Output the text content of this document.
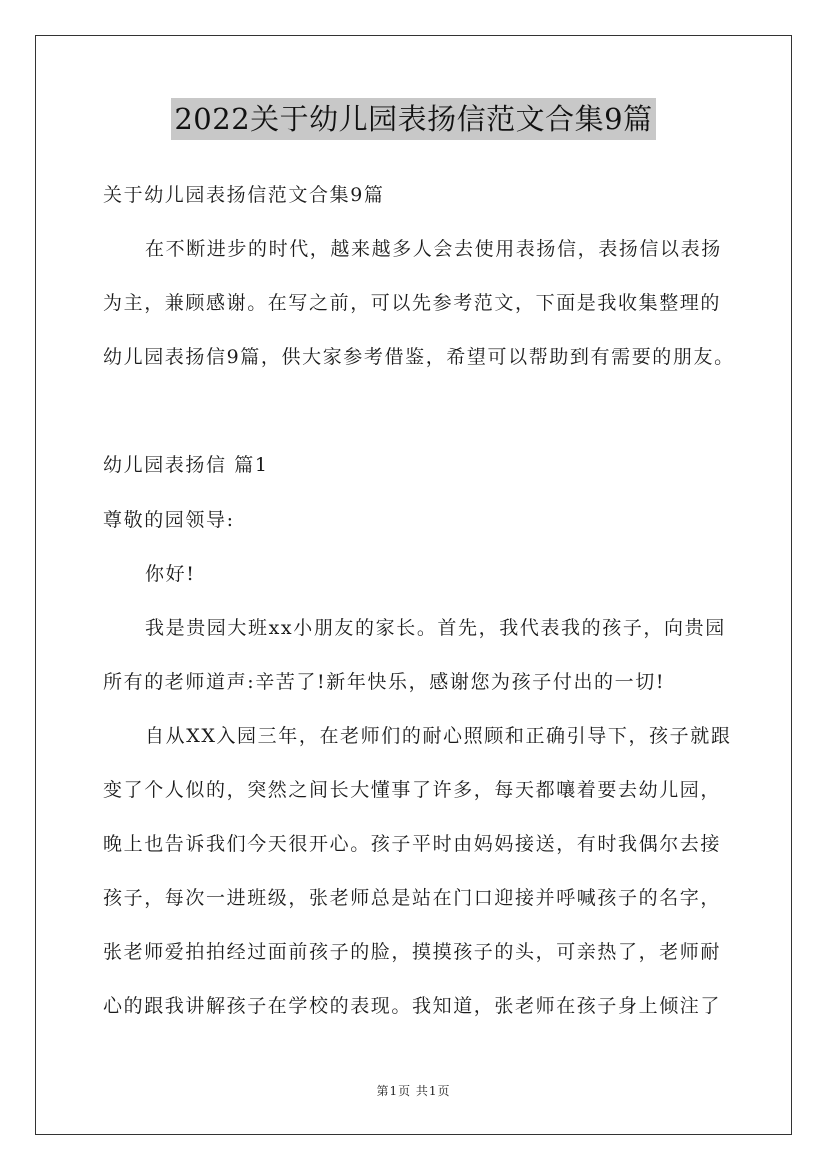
2022关于幼儿园表扬信范文合集9篇
关于幼儿园表扬信范文合集9篇
在不断进步的时代，越来越多人会去使用表扬信，表扬信以表扬
为主，兼顾感谢。在写之前，可以先参考范文，下面是我收集整理的
幼儿园表扬信9篇，供大家参考借鉴，希望可以帮助到有需要的朋友。
幼儿园表扬信 篇1
尊敬的园领导:
你好!
我是贵园大班xx小朋友的家长。首先，我代表我的孩子，向贵园
所有的老师道声:辛苦了!新年快乐，感谢您为孩子付出的一切!
自从XX入园三年，在老师们的耐心照顾和正确引导下，孩子就跟
变了个人似的，突然之间长大懂事了许多，每天都嚷着要去幼儿园，
晚上也告诉我们今天很开心。孩子平时由妈妈接送，有时我偶尔去接
孩子，每次一进班级，张老师总是站在门口迎接并呼喊孩子的名字，
张老师爱拍拍经过面前孩子的脸，摸摸孩子的头，可亲热了，老师耐
心的跟我讲解孩子在学校的表现。我知道，张老师在孩子身上倾注了
第1页 共1页
